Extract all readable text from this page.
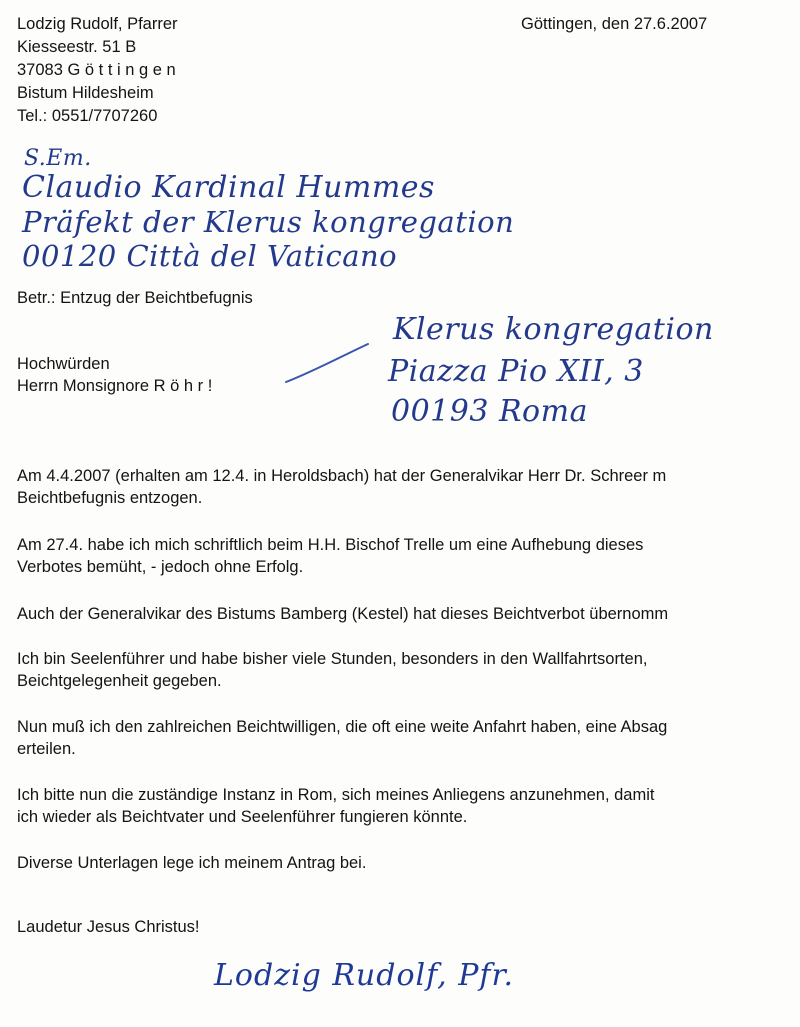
Lodzig Rudolf, Pfarrer
Kiesseestr. 51 B
37083 G ö t t i n g e n
Bistum Hildesheim
Tel.: 0551/7707260
Göttingen, den 27.6.2007
S.Em.
Claudio Kardinal Hummes
Präfekt der Klerus kongregation
00120 Città del Vaticano
Betr.: Entzug der Beichtbefugnis
Hochwürden
Herrn Monsignore R ö h r !
Klerus kongregation
Piazza Pio XII, 3
00193 Roma
Am 4.4.2007 (erhalten am 12.4. in Heroldsbach) hat der Generalvikar Herr Dr. Schreer m
Beichtbefugnis entzogen.
Am 27.4. habe ich mich schriftlich beim H.H. Bischof Trelle um eine Aufhebung dieses
Verbotes bemüht, - jedoch ohne Erfolg.
Auch der Generalvikar des Bistums Bamberg (Kestel) hat dieses Beichtverbot übernomm
Ich bin Seelenführer und habe bisher viele Stunden, besonders in den Wallfahrtsorten,
Beichtgelegenheit gegeben.
Nun muß ich den zahlreichen Beichtwilligen, die oft eine weite Anfahrt haben, eine Absag
erteilen.
Ich bitte nun die zuständige Instanz in Rom, sich meines Anliegens anzunehmen, damit
ich wieder als Beichtvater und Seelenführer fungieren könnte.
Diverse Unterlagen lege ich meinem Antrag bei.
Laudetur Jesus Christus!
Lodzig Rudolf, Pfr.
